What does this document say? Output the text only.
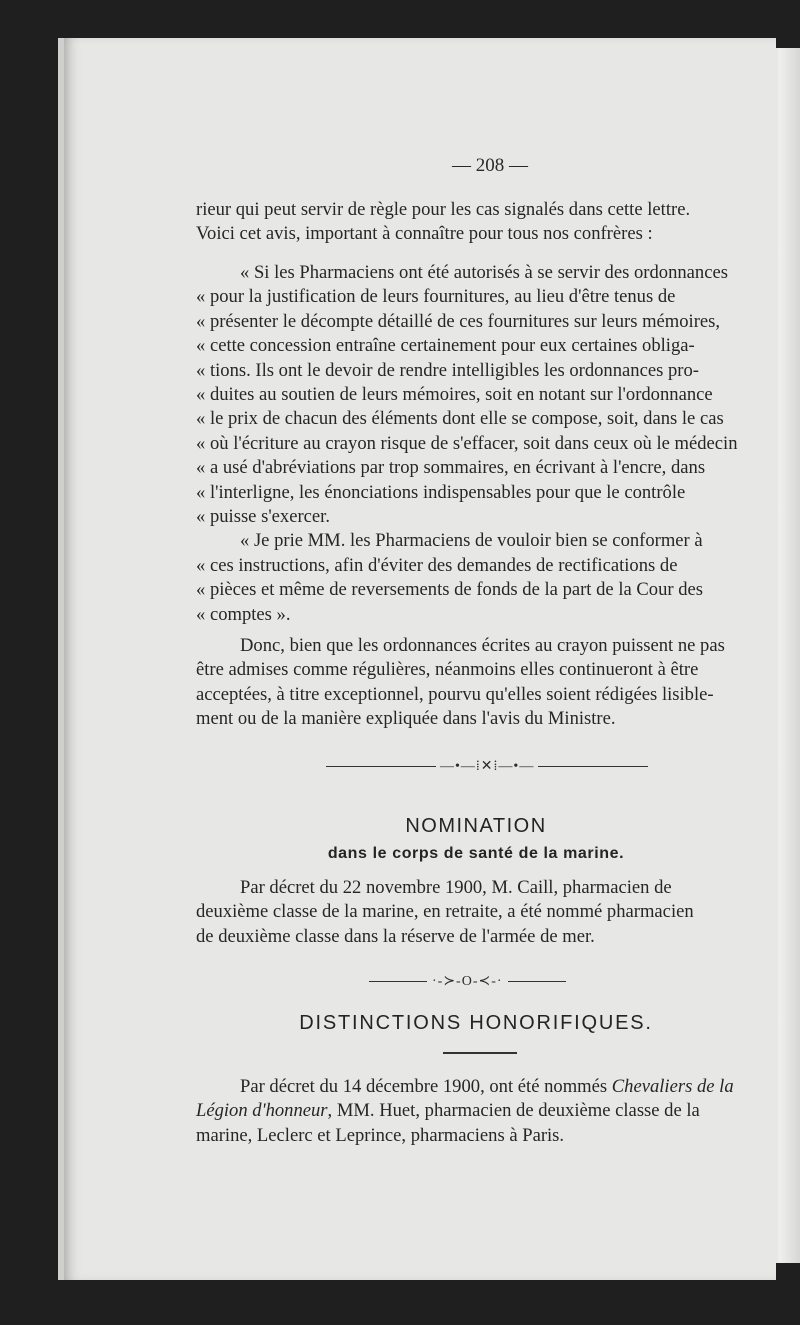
— 208 —

rieur qui peut servir de règle pour les cas signalés dans cette lettre.

Voici cet avis, important à connaître pour tous nos confrères :

« Si les Pharmaciens ont été autorisés à se servir des ordonnances

« pour la justification de leurs fournitures, au lieu d'être tenus de

« présenter le décompte détaillé de ces fournitures sur leurs mémoires,

« cette concession entraîne certainement pour eux certaines obliga-

« tions. Ils ont le devoir de rendre intelligibles les ordonnances pro-

« duites au soutien de leurs mémoires, soit en notant sur l'ordonnance

« le prix de chacun des éléments dont elle se compose, soit, dans le cas

« où l'écriture au crayon risque de s'effacer, soit dans ceux où le médecin

« a usé d'abréviations par trop sommaires, en écrivant à l'encre, dans

« l'interligne, les énonciations indispensables pour que le contrôle

« puisse s'exercer.

« Je prie MM. les Pharmaciens de vouloir bien se conformer à

« ces instructions, afin d'éviter des demandes de rectifications de

« pièces et même de reversements de fonds de la part de la Cour des

« comptes ».

Donc, bien que les ordonnances écrites au crayon puissent ne pas

être admises comme régulières, néanmoins elles continueront à être

acceptées, à titre exceptionnel, pourvu qu'elles soient rédigées lisible-

ment ou de la manière expliquée dans l'avis du Ministre.

—•—⁞✕⁞—•—
NOMINATION
dans le corps de santé de la marine.

Par décret du 22 novembre 1900, M. Caill, pharmacien de

deuxième classe de la marine, en retraite, a été nommé pharmacien

de deuxième classe dans la réserve de l'armée de mer.

·-≻-O-≺-·
DISTINCTIONS HONORIFIQUES.

Par décret du 14 décembre 1900, ont été nommés Chevaliers de la

Légion d'honneur, MM. Huet, pharmacien de deuxième classe de la

marine, Leclerc et Leprince, pharmaciens à Paris.
